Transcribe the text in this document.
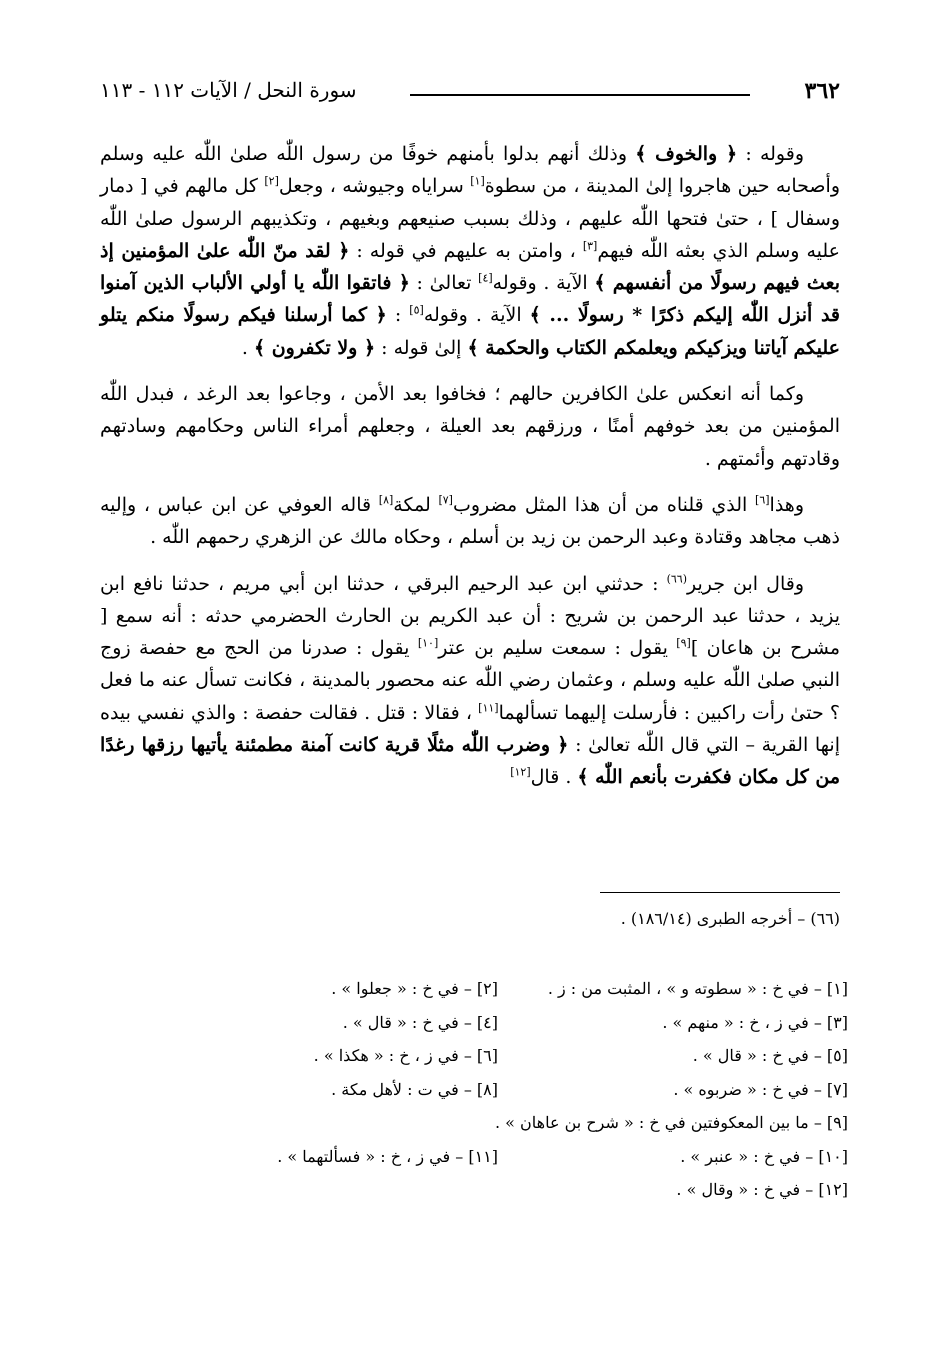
٣٦٢
سورة النحل / الآيات ١١٢ - ١١٣

وقوله : ﴿ والخوف ﴾ وذلك أنهم بدلوا بأمنهم خوفًا من رسول اللّٰه صلىٰ اللّٰه عليه وسلم وأصحابه حين هاجروا إلىٰ المدينة ، من سطوة[١] سراياه وجيوشه ، وجعل[٢] كل مالهم في [ دمار وسفال ] ، حتىٰ فتحها اللّٰه عليهم ، وذلك بسبب صنيعهم وبغيهم ، وتكذيبهم الرسول صلىٰ اللّٰه عليه وسلم الذي بعثه اللّٰه فيهم[٣] ، وامتن به عليهم في قوله : ﴿ لقد منّ اللّٰه علىٰ المؤمنين إذ بعث فيهم رسولًا من أنفسهم ﴾ الآية . وقوله[٤] تعالىٰ : ﴿ فاتقوا اللّٰه يا أولي الألباب الذين آمنوا قد أنزل اللّٰه إليكم ذكرًا * رسولًا ... ﴾ الآية . وقوله[٥] : ﴿ كما أرسلنا فيكم رسولًا منكم يتلو عليكم آياتنا ويزكيكم ويعلمكم الكتاب والحكمة ﴾ إلىٰ قوله : ﴿ ولا تكفرون ﴾ .

وكما أنه انعكس علىٰ الكافرين حالهم ؛ فخافوا بعد الأمن ، وجاعوا بعد الرغد ، فبدل اللّٰه المؤمنين من بعد خوفهم أمنًا ، ورزقهم بعد العيلة ، وجعلهم أمراء الناس وحكامهم وسادتهم وقادتهم وأئمتهم .

وهذا[٦] الذي قلناه من أن هذا المثل مضروب[٧] لمكة[٨] قاله العوفي عن ابن عباس ، وإليه ذهب مجاهد وقتادة وعبد الرحمن بن زيد بن أسلم ، وحكاه مالك عن الزهري رحمهم اللّٰه .

وقال ابن جرير$^{(٦٦)}$ : حدثني ابن عبد الرحيم البرقي ، حدثنا ابن أبي مريم ، حدثنا نافع ابن يزيد ، حدثنا عبد الرحمن بن شريح : أن عبد الكريم بن الحارث الحضرمي حدثه : أنه سمع [ مشرح بن هاعان ][٩] يقول : سمعت سليم بن عتر[١٠] يقول : صدرنا من الحج مع حفصة زوج النبي صلىٰ اللّٰه عليه وسلم ، وعثمان رضي اللّٰه عنه محصور بالمدينة ، فكانت تسأل عنه ما فعل ؟ حتىٰ رأت راكبين : فأرسلت إليهما تسألهما[١١] ، فقالا : قتل . فقالت حفصة : والذي نفسي بيده إنها القرية – التي قال اللّٰه تعالىٰ : ﴿ وضرب اللّٰه مثلًا قرية كانت آمنة مطمئنة يأتيها رزقها رغدًا من كل مكان فكفرت بأنعم اللّٰه ﴾ . قال[١٢]

(٦٦) – أخرجه الطبرى (١٨٦/١٤) .
[١] – في خ : « سطوته و » ، المثبت من : ز .
[٢] – في خ : « جعلوا » .
[٣] – في ز ، خ : « منهم » .
[٤] – في خ : « قال » .
[٥] – في خ : « قال » .
[٦] – في ز ، خ : « هكذا » .
[٧] – في خ : « ضربوه » .
[٨] – في ت : لأهل مكة .
[٩] – ما بين المعكوفتين في خ : « شرح بن عاهان » .
[١٠] – في خ : « عنبر » .
[١١] – في ز ، خ : « فسألتهما » .
[١٢] – في خ : « وقال » .
